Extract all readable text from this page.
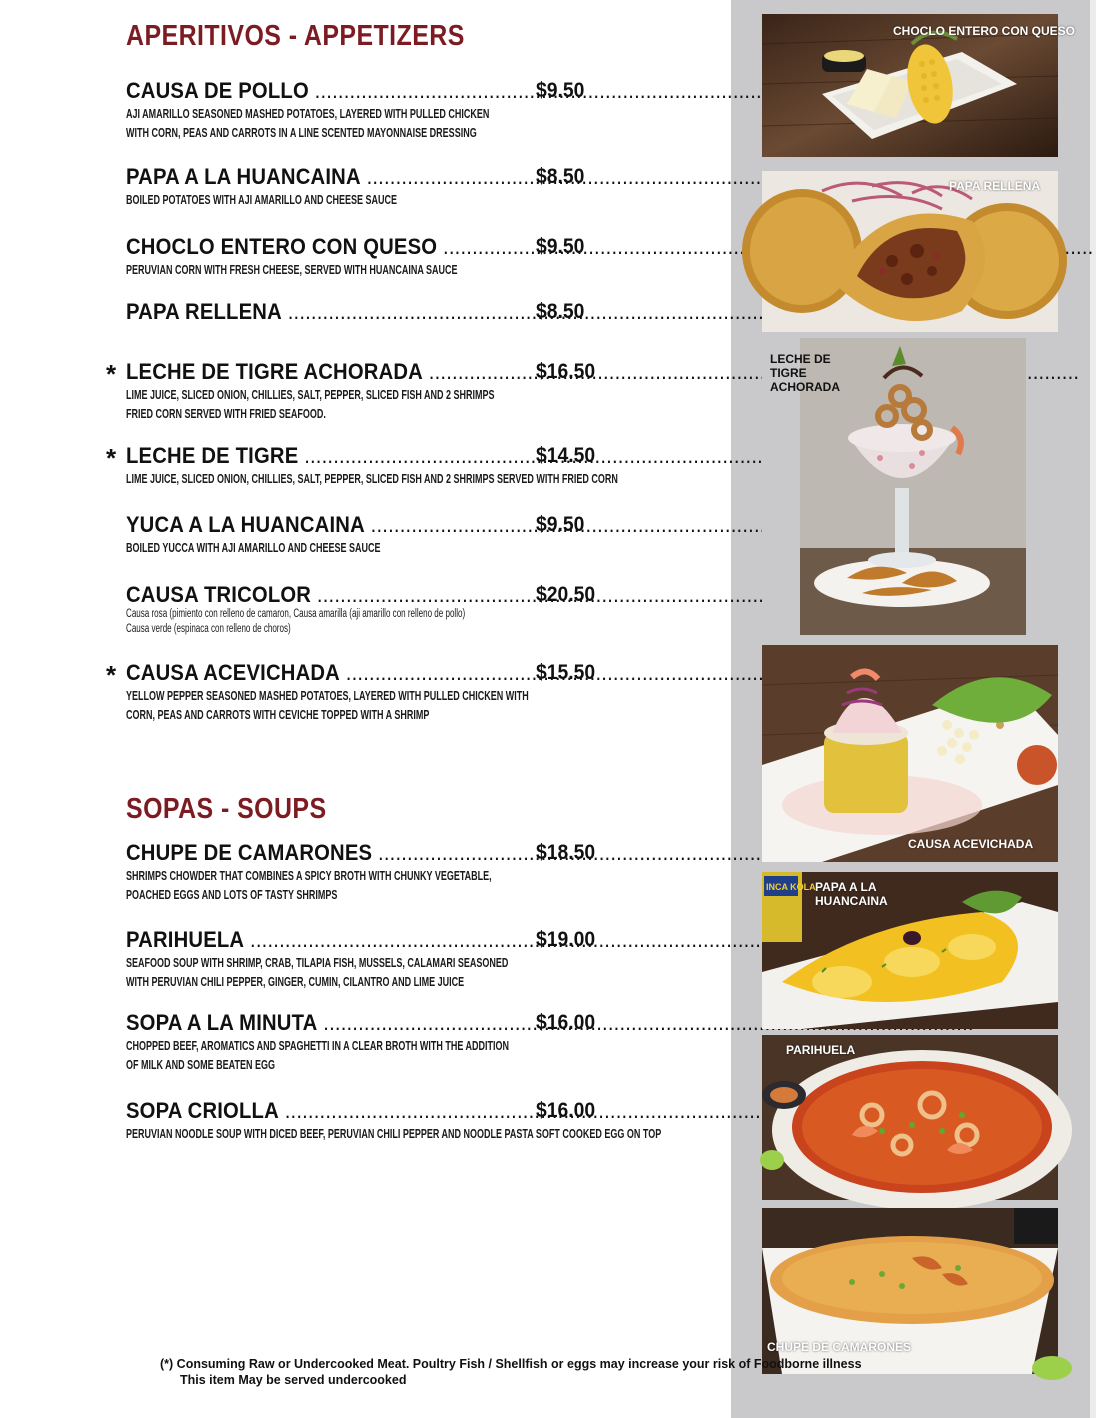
APERITIVOS - APPETIZERS
SOPAS - SOUPS
CAUSA DE POLLO .....	$9.50
AJI AMARILLO SEASONED MASHED POTATOES, LAYERED WITH PULLED CHICKEN
WITH CORN, PEAS AND CARROTS IN A LINE SCENTED MAYONNAISE DRESSING
PAPA A LA HUANCAINA .....	$8.50
BOILED POTATOES WITH AJI AMARILLO AND CHEESE SAUCE
CHOCLO ENTERO CON QUESO .....	$9.50
PERUVIAN CORN WITH FRESH CHEESE, SERVED WITH HUANCAINA SAUCE
PAPA RELLENA .....	$8.50
* LECHE DE TIGRE ACHORADA .....	$16.50
LIME JUICE, SLICED ONION, CHILLIES, SALT, PEPPER, SLICED FISH AND 2 SHRIMPS
FRIED CORN SERVED WITH FRIED SEAFOOD.
* LECHE DE TIGRE .....	$14.50
LIME JUICE, SLICED ONION, CHILLIES, SALT, PEPPER, SLICED FISH AND 2 SHRIMPS SERVED WITH FRIED CORN
YUCA A LA HUANCAINA .....	$9.50
BOILED YUCCA WITH AJI AMARILLO AND CHEESE SAUCE
CAUSA TRICOLOR .....	$20.50
Causa rosa (pimiento con relleno de camaron, Causa amarilla (aji amarillo con relleno de pollo)
Causa verde (espinaca con relleno de choros)
* CAUSA ACEVICHADA .....	$15.50
YELLOW PEPPER SEASONED MASHED POTATOES, LAYERED WITH PULLED CHICKEN WITH
CORN, PEAS AND CARROTS WITH CEVICHE TOPPED WITH A SHRIMP
CHUPE DE CAMARONES .....	$18.50
SHRIMPS CHOWDER THAT COMBINES A SPICY BROTH WITH CHUNKY VEGETABLE,
POACHED EGGS AND LOTS OF TASTY SHRIMPS
PARIHUELA .....	$19.00
SEAFOOD SOUP WITH SHRIMP, CRAB, TILAPIA FISH, MUSSELS, CALAMARI SEASONED
WITH PERUVIAN CHILI PEPPER, GINGER, CUMIN, CILANTRO AND LIME JUICE
SOPA A LA MINUTA .....	$16.00
CHOPPED BEEF, AROMATICS AND SPAGHETTI IN A CLEAR BROTH WITH THE ADDITION
OF MILK AND SOME BEATEN EGG
SOPA CRIOLLA .....	$16.00
PERUVIAN NOODLE SOUP WITH DICED BEEF, PERUVIAN CHILI PEPPER AND NOODLE PASTA SOFT COOKED EGG ON TOP
CHOCLO ENTERO CON QUESO
PAPA RELLENA
LECHE DE TIGRE ACHORADA
CAUSA ACEVICHADA
INCA KOLA PAPA A LA HUANCAINA
PARIHUELA
CHUPE DE CAMARONES
(*) Consuming Raw or Undercooked Meat. Poultry Fish / Shellfish or eggs may increase your risk of Foodborne illness
This item May be served undercooked
